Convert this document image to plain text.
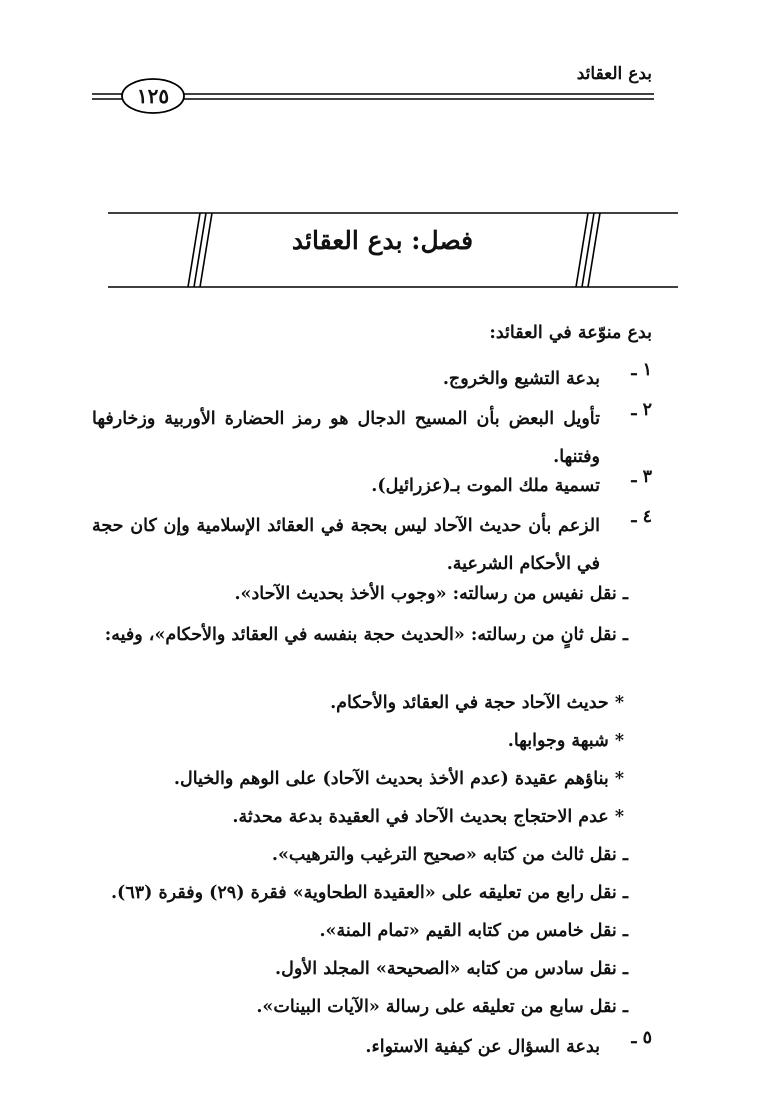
بدع العقائد
١٢٥
فصل: بدع العقائد
بدع منوّعة في العقائد:
١ ـ
بدعة التشيع والخروج.
٢ ـ
تأويل البعض بأن المسيح الدجال هو رمز الحضارة الأوربية وزخارفها وفتنها.
٣ ـ
تسمية ملك الموت بـ(عزرائيل).
٤ ـ
الزعم بأن حديث الآحاد ليس بحجة في العقائد الإسلامية وإن كان حجة في الأحكام الشرعية.
ـ نقل نفيس من رسالته: «وجوب الأخذ بحديث الآحاد».
ـ نقل ثانٍ من رسالته: «الحديث حجة بنفسه في العقائد والأحكام»، وفيه:
* حديث الآحاد حجة في العقائد والأحكام.
* شبهة وجوابها.
* بناؤهم عقيدة (عدم الأخذ بحديث الآحاد) على الوهم والخيال.
* عدم الاحتجاج بحديث الآحاد في العقيدة بدعة محدثة.
ـ نقل ثالث من كتابه «صحيح الترغيب والترهيب».
ـ نقل رابع من تعليقه على «العقيدة الطحاوية» فقرة (٢٩) وفقرة (٦٣).
ـ نقل خامس من كتابه القيم «تمام المنة».
ـ نقل سادس من كتابه «الصحيحة» المجلد الأول.
ـ نقل سابع من تعليقه على رسالة «الآيات البينات».
٥ ـ
بدعة السؤال عن كيفية الاستواء.
